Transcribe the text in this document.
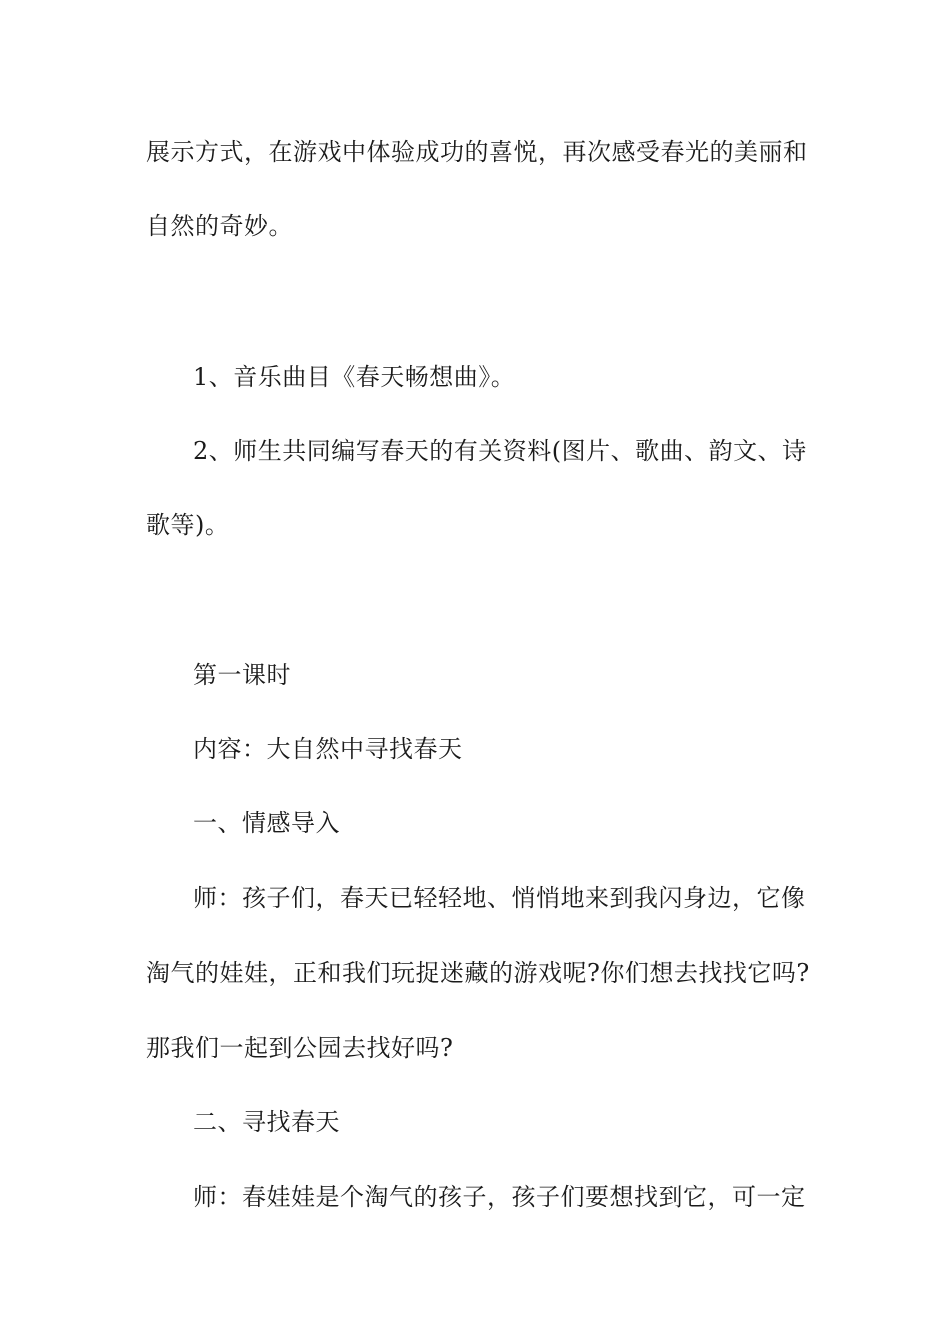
展示方式，在游戏中体验成功的喜悦，再次感受春光的美丽和
自然的奇妙。
1、音乐曲目《春天畅想曲》。
2、师生共同编写春天的有关资料(图片、歌曲、韵文、诗
歌等)。
第一课时
内容：大自然中寻找春天
一、情感导入
师：孩子们，春天已轻轻地、悄悄地来到我闪身边，它像
淘气的娃娃，正和我们玩捉迷藏的游戏呢?你们想去找找它吗?
那我们一起到公园去找好吗?
二、寻找春天
师：春娃娃是个淘气的孩子，孩子们要想找到它，可一定
